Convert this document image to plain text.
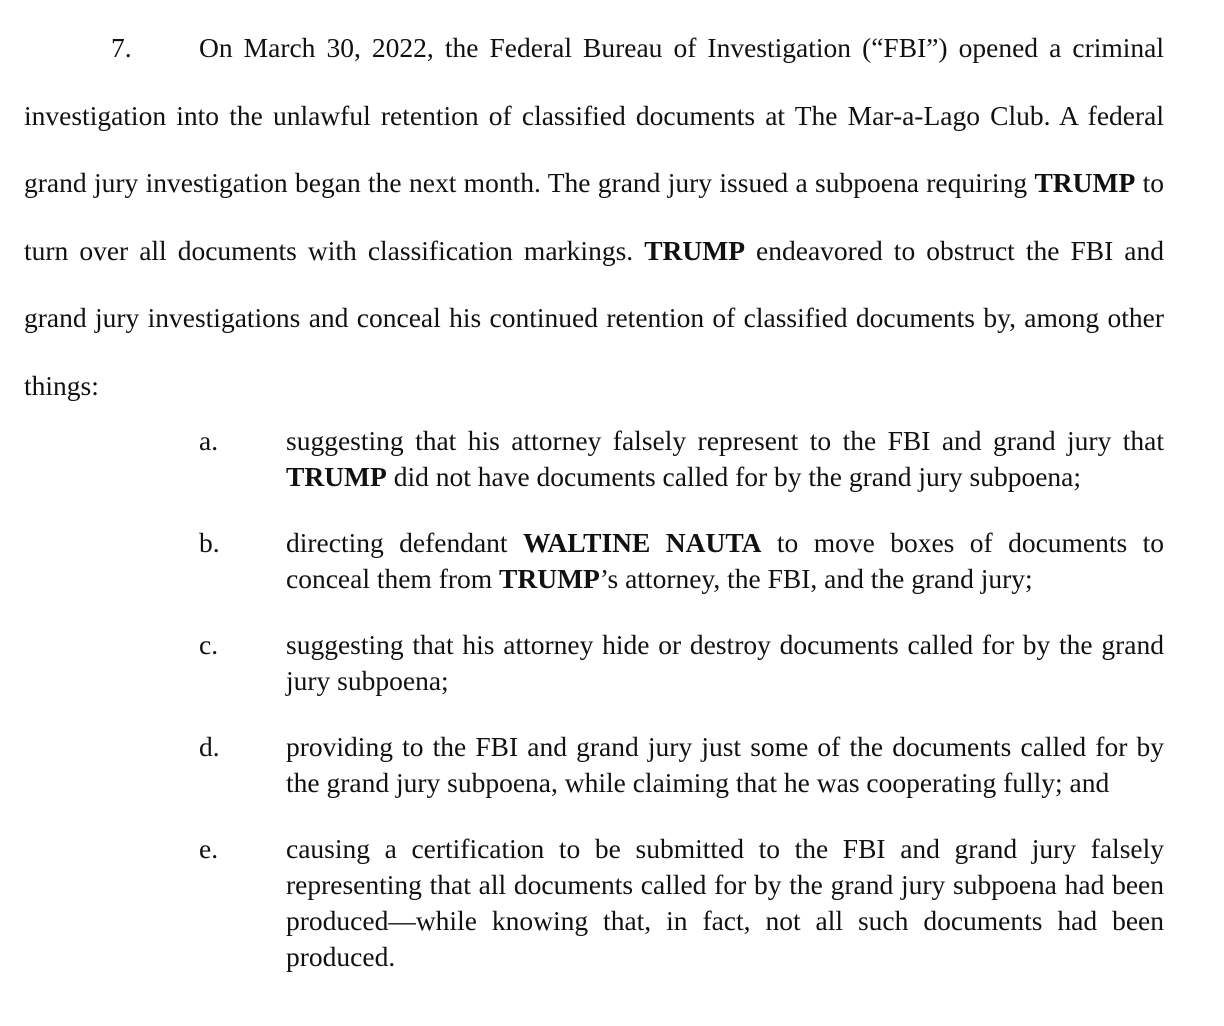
7. On March 30, 2022, the Federal Bureau of Investigation (“FBI”) opened a criminal investigation into the unlawful retention of classified documents at The Mar-a-Lago Club. A federal grand jury investigation began the next month. The grand jury issued a subpoena requiring TRUMP to turn over all documents with classification markings. TRUMP endeavored to obstruct the FBI and grand jury investigations and conceal his continued retention of classified documents by, among other things:

a. suggesting that his attorney falsely represent to the FBI and grand jury that TRUMP did not have documents called for by the grand jury subpoena;
b. directing defendant WALTINE NAUTA to move boxes of documents to conceal them from TRUMP’s attorney, the FBI, and the grand jury;
c. suggesting that his attorney hide or destroy documents called for by the grand jury subpoena;
d. providing to the FBI and grand jury just some of the documents called for by the grand jury subpoena, while claiming that he was cooperating fully; and
e. causing a certification to be submitted to the FBI and grand jury falsely representing that all documents called for by the grand jury subpoena had been produced—while knowing that, in fact, not all such documents had been produced.
